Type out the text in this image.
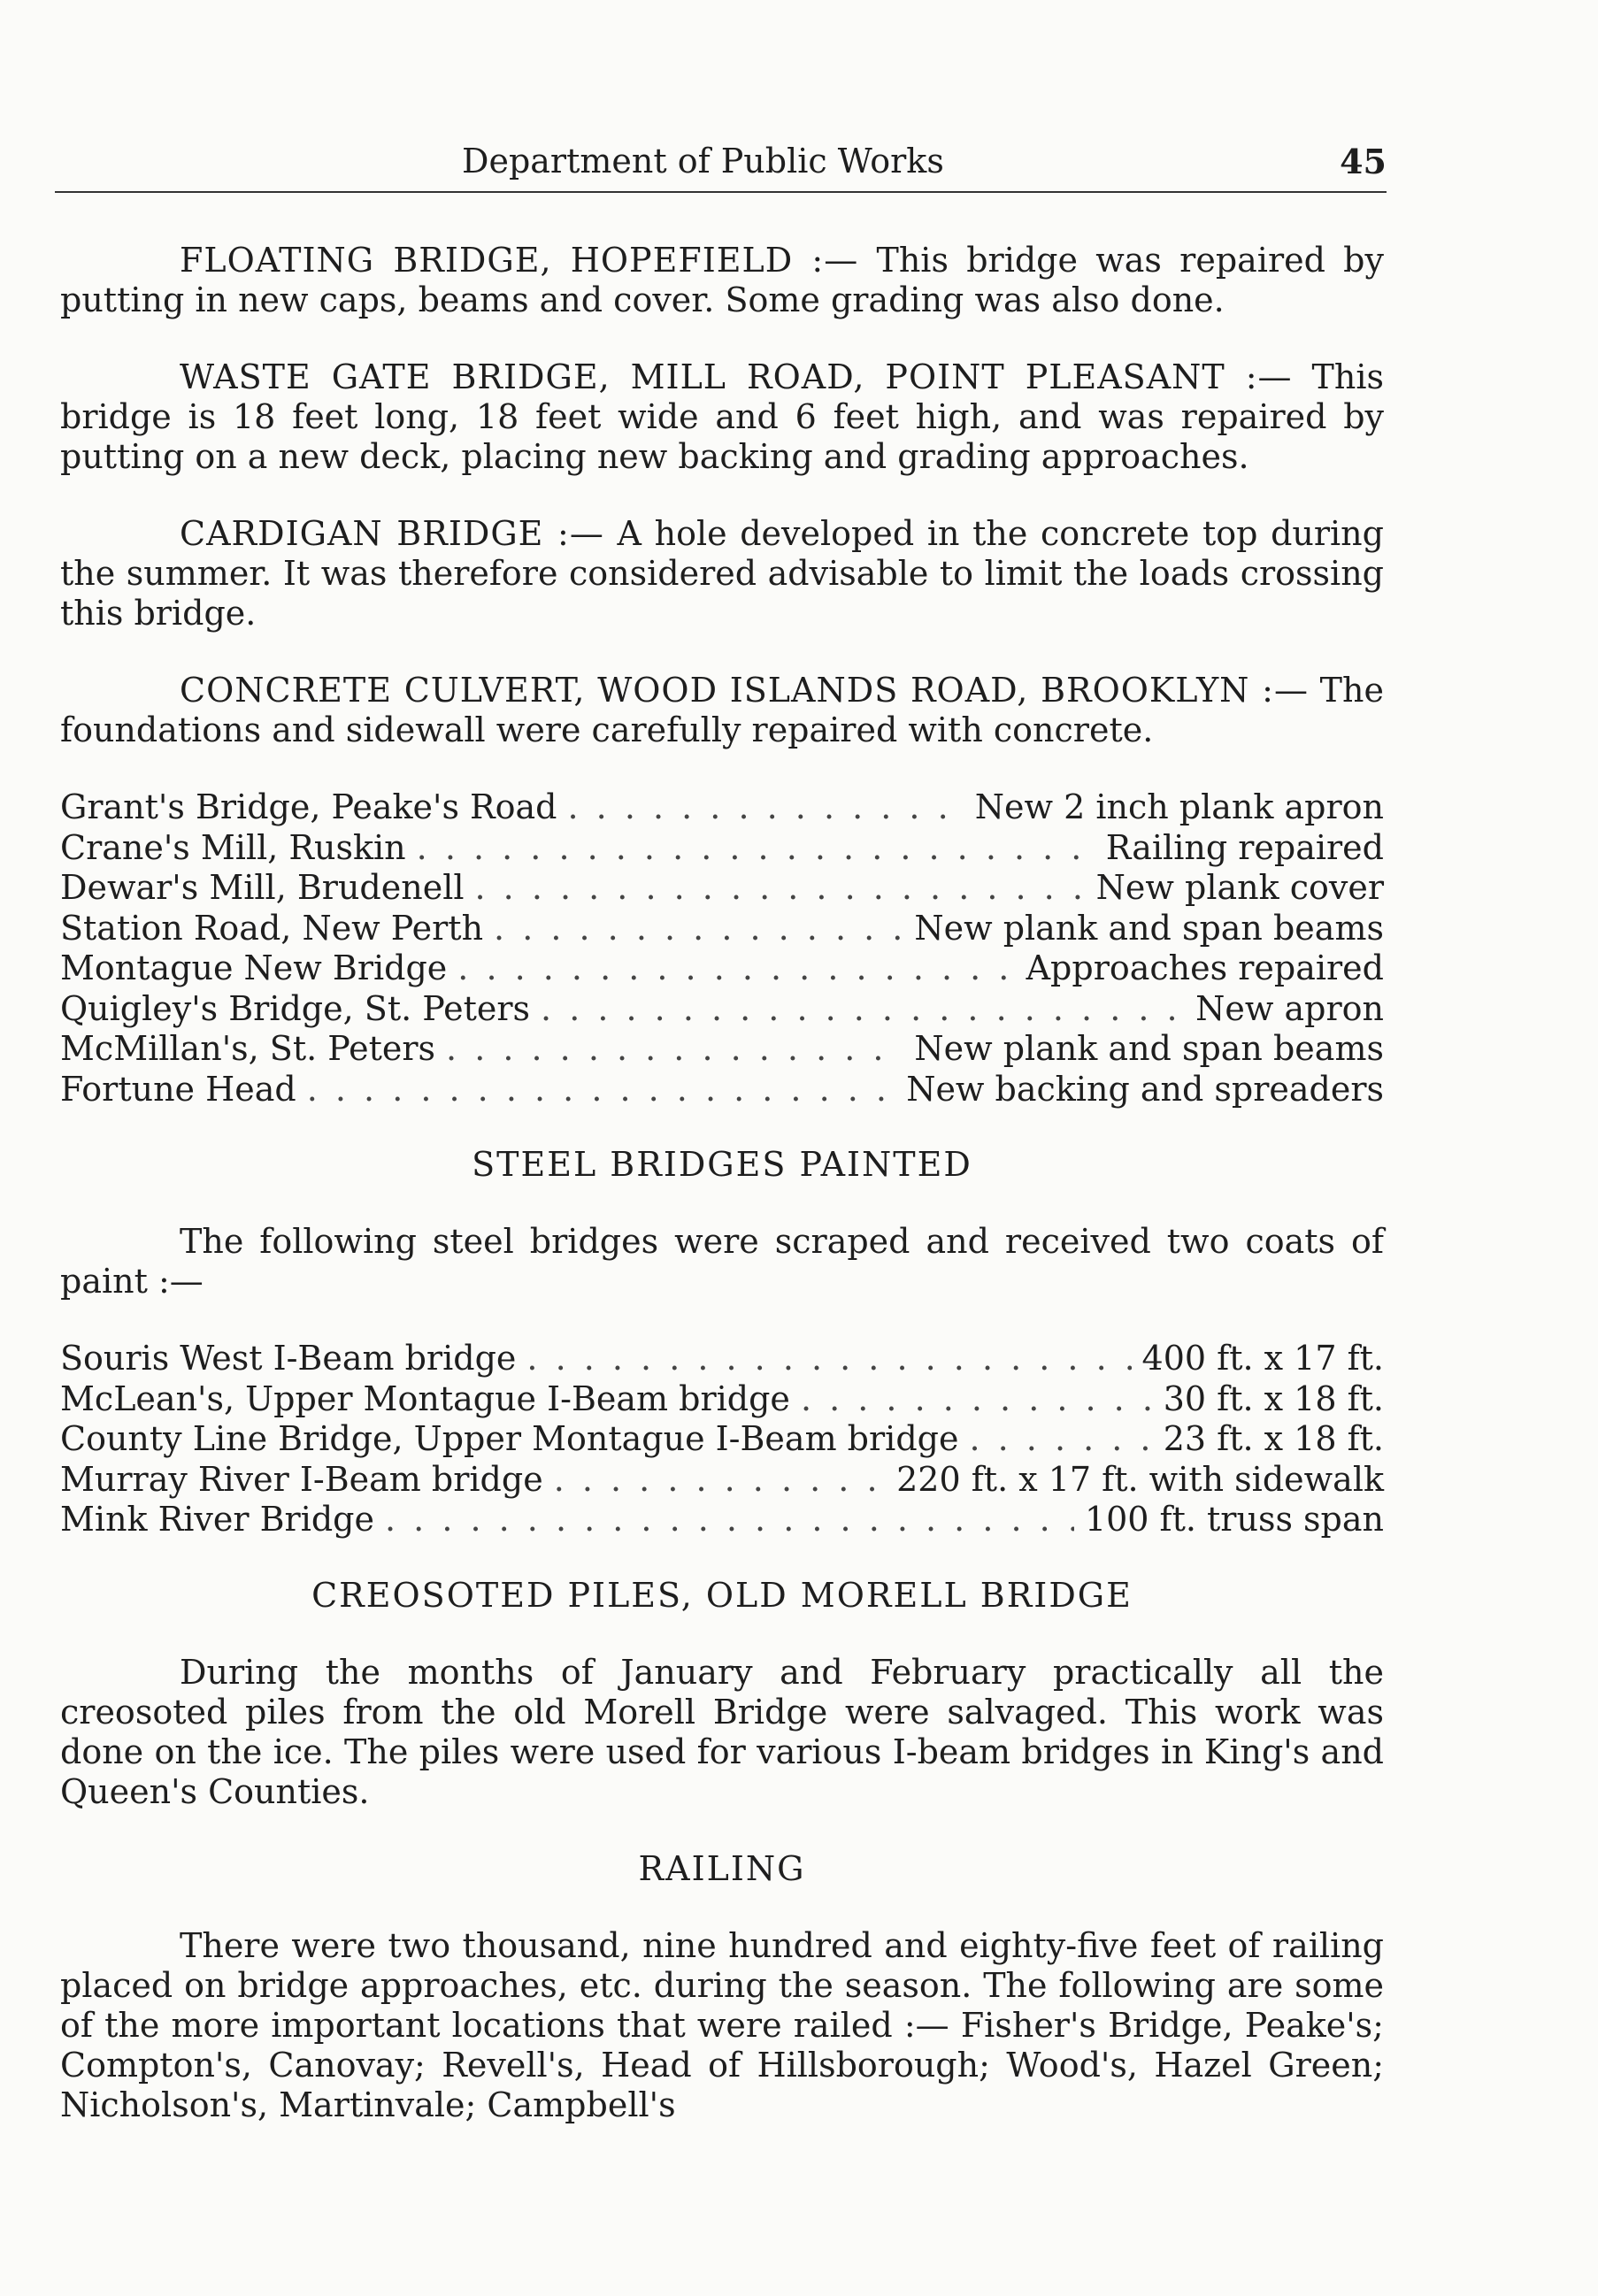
Department of Public Works	45

FLOATING BRIDGE, HOPEFIELD :— This bridge was repaired by putting in new caps, beams and cover. Some grading was also done.

WASTE GATE BRIDGE, MILL ROAD, POINT PLEASANT :— This bridge is 18 feet long, 18 feet wide and 6 feet high, and was repaired by putting on a new deck, placing new backing and grading approaches.

CARDIGAN BRIDGE :— A hole developed in the concrete top during the summer. It was therefore considered advisable to limit the loads crossing this bridge.

CONCRETE CULVERT, WOOD ISLANDS ROAD, BROOKLYN :— The foundations and sidewall were carefully repaired with concrete.

Grant's Bridge, Peake's Road . . .	New 2 inch plank apron
Crane's Mill, Ruskin . . .	Railing repaired
Dewar's Mill, Brudenell . . .	New plank cover
Station Road, New Perth . . .	New plank and span beams
Montague New Bridge . . .	Approaches repaired
Quigley's Bridge, St. Peters . . .	New apron
McMillan's, St. Peters . . .	New plank and span beams
Fortune Head . . .	New backing and spreaders
STEEL BRIDGES PAINTED

The following steel bridges were scraped and received two coats of paint :—

Souris West I-Beam bridge . . .	400 ft. x 17 ft.
McLean's, Upper Montague I-Beam bridge . . .	30 ft. x 18 ft.
County Line Bridge, Upper Montague I-Beam bridge . . .	23 ft. x 18 ft.
Murray River I-Beam bridge . . .	220 ft. x 17 ft. with sidewalk
Mink River Bridge . . .	100 ft. truss span
CREOSOTED PILES, OLD MORELL BRIDGE

During the months of January and February practically all the creosoted piles from the old Morell Bridge were salvaged. This work was done on the ice. The piles were used for various I-beam bridges in King's and Queen's Counties.

RAILING

There were two thousand, nine hundred and eighty-five feet of railing placed on bridge approaches, etc. during the season. The following are some of the more important locations that were railed :— Fisher's Bridge, Peake's; Compton's, Canovay; Revell's, Head of Hillsborough; Wood's, Hazel Green; Nicholson's, Martinvale; Campbell's
